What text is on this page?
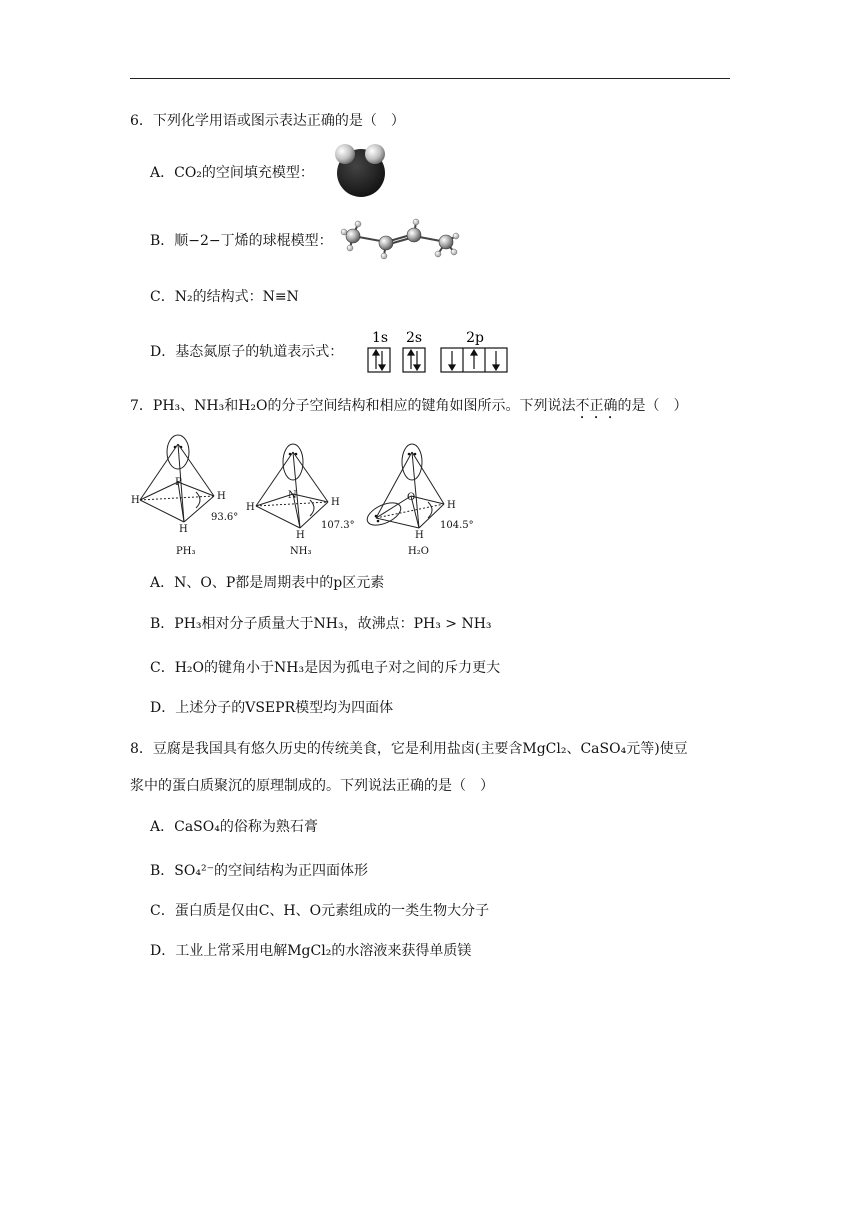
6．下列化学用语或图示表达正确的是（　）
A．CO₂的空间填充模型：
B．顺−2−丁烯的球棍模型：
C．N₂的结构式：N≡N
D．基态氮原子的轨道表示式：
1s 2s	2p
7．PH₃、NH₃和H₂O的分子空间结构和相应的键角如图所示。下列说法不正确的是（　）
P
H	H
H
93.6°
PH₃
N
H	H
H
107.3°
NH₃
O
H
H
104.5°
H₂O
A．N、O、P都是周期表中的p区元素
B．PH₃相对分子质量大于NH₃，故沸点：PH₃ > NH₃
C．H₂O的键角小于NH₃是因为孤电子对之间的斥力更大
D．上述分子的VSEPR模型均为四面体
8．豆腐是我国具有悠久历史的传统美食，它是利用盐卤(主要含MgCl₂、CaSO₄元等)使豆
浆中的蛋白质聚沉的原理制成的。下列说法正确的是（　）
A．CaSO₄的俗称为熟石膏
B．SO₄²⁻的空间结构为正四面体形
C．蛋白质是仅由C、H、O元素组成的一类生物大分子
D．工业上常采用电解MgCl₂的水溶液来获得单质镁
